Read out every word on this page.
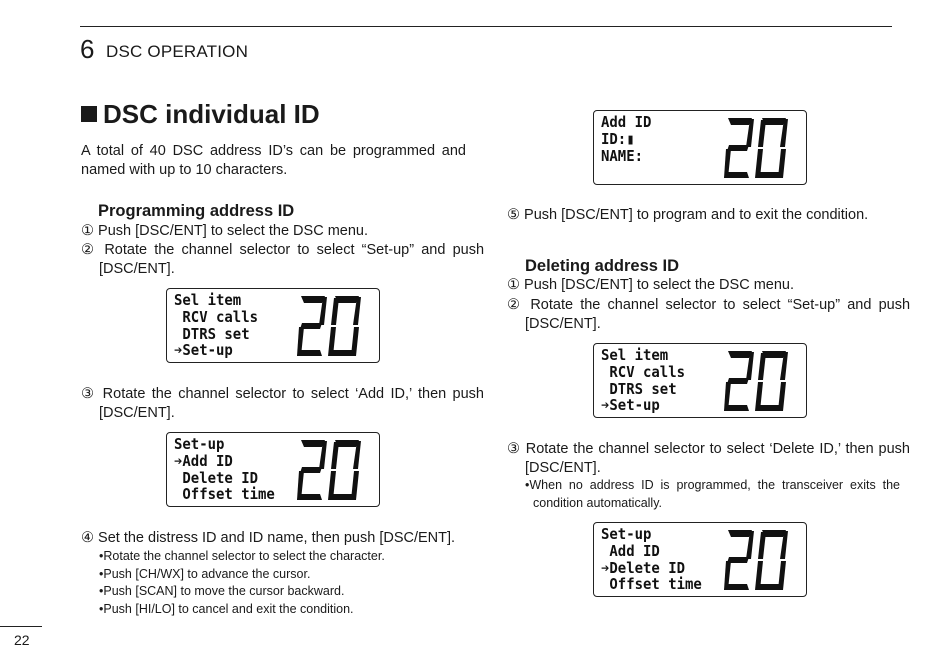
6 DSC OPERATION
DSC individual ID
A total of 40 DSC address ID’s can be programmed and named with up to 10 characters.
Programming address ID
① Push [DSC/ENT] to select the DSC menu.
② Rotate the channel selector to select “Set-up” and push [DSC/ENT].
Sel item
RCV calls
DTRS set
➔Set-up
20
③ Rotate the channel selector to select ‘Add ID,’ then push [DSC/ENT].
Set-up
➔Add ID
Delete ID
Offset time
20
④ Set the distress ID and ID name, then push [DSC/ENT].
•Rotate the channel selector to select the character.
•Push [CH/WX] to advance the cursor.
•Push [SCAN] to move the cursor backward.
•Push [HI/LO] to cancel and exit the condition.
Add ID
ID:▮
NAME:	20
⑤ Push [DSC/ENT] to program and to exit the condition.
Deleting address ID
① Push [DSC/ENT] to select the DSC menu.
② Rotate the channel selector to select “Set-up” and push [DSC/ENT].
Sel item
RCV calls
DTRS set
➔Set-up
20
③ Rotate the channel selector to select ‘Delete ID,’ then push [DSC/ENT].
•When no address ID is programmed, the transceiver exits the condition automatically.
Set-up
Add ID
➔Delete ID
Offset time
20
22
